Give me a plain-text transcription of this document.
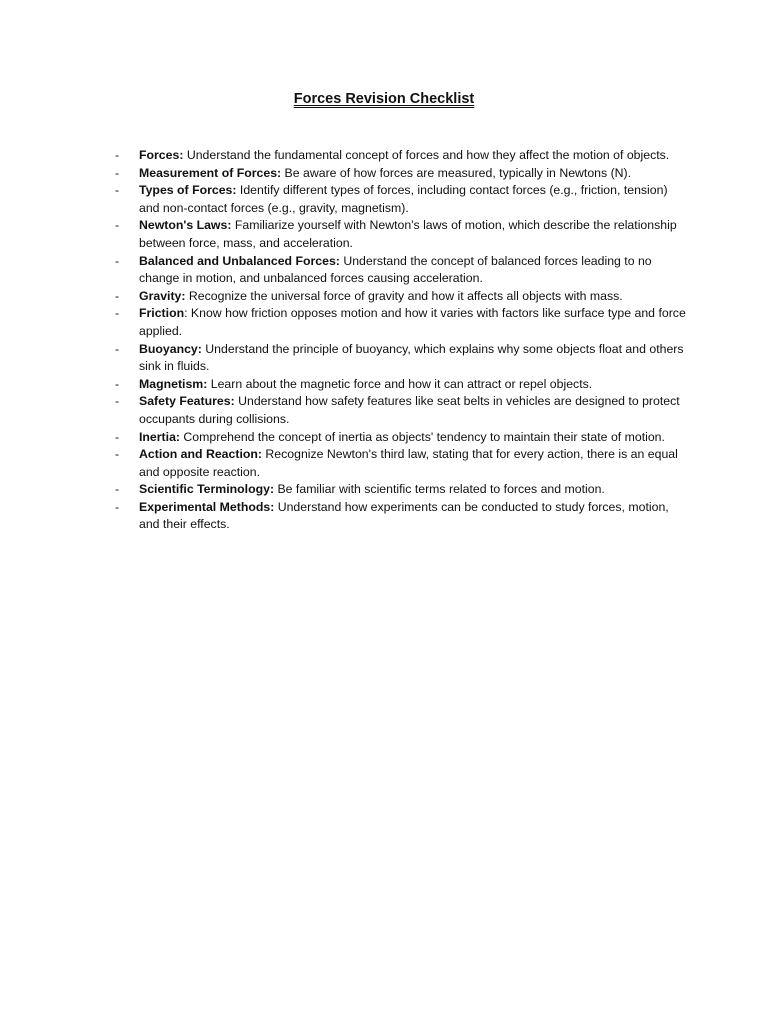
Forces Revision Checklist
- Forces: Understand the fundamental concept of forces and how they affect the motion of objects.
- Measurement of Forces: Be aware of how forces are measured, typically in Newtons (N).
- Types of Forces: Identify different types of forces, including contact forces (e.g., friction, tension) and non-contact forces (e.g., gravity, magnetism).
- Newton's Laws: Familiarize yourself with Newton's laws of motion, which describe the relationship between force, mass, and acceleration.
- Balanced and Unbalanced Forces: Understand the concept of balanced forces leading to no change in motion, and unbalanced forces causing acceleration.
- Gravity: Recognize the universal force of gravity and how it affects all objects with mass.
- Friction: Know how friction opposes motion and how it varies with factors like surface type and force applied.
- Buoyancy: Understand the principle of buoyancy, which explains why some objects float and others sink in fluids.
- Magnetism: Learn about the magnetic force and how it can attract or repel objects.
- Safety Features: Understand how safety features like seat belts in vehicles are designed to protect occupants during collisions.
- Inertia: Comprehend the concept of inertia as objects' tendency to maintain their state of motion.
- Action and Reaction: Recognize Newton's third law, stating that for every action, there is an equal and opposite reaction.
- Scientific Terminology: Be familiar with scientific terms related to forces and motion.
- Experimental Methods: Understand how experiments can be conducted to study forces, motion, and their effects.
